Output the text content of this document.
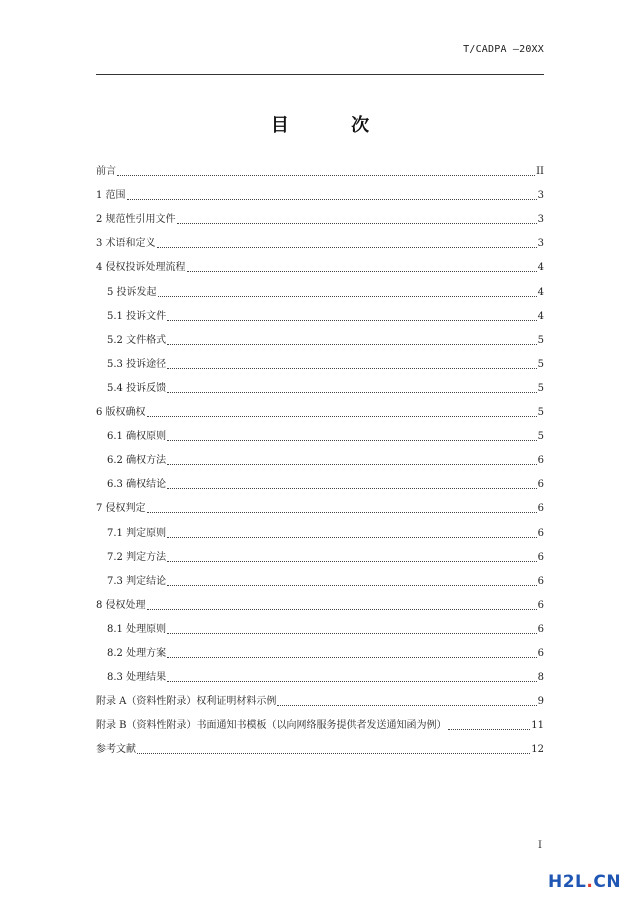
T/CADPA —20XX
目 次
前言	II
1 范围	3
2 规范性引用文件	3
3 术语和定义	3
4 侵权投诉处理流程	4
5 投诉发起	4
5.1 投诉文件	4
5.2 文件格式	5
5.3 投诉途径	5
5.4 投诉反馈	5
6 版权确权	5
6.1 确权原则	5
6.2 确权方法	6
6.3 确权结论	6
7 侵权判定	6
7.1 判定原则	6
7.2 判定方法	6
7.3 判定结论	6
8 侵权处理	6
8.1 处理原则	6
8.2 处理方案	6
8.3 处理结果	8
附录 A（资料性附录）权利证明材料示例	9
附录 B（资料性附录）书面通知书模板（以向网络服务提供者发送通知函为例）	11
参考文献	12
I
H2L.CN
